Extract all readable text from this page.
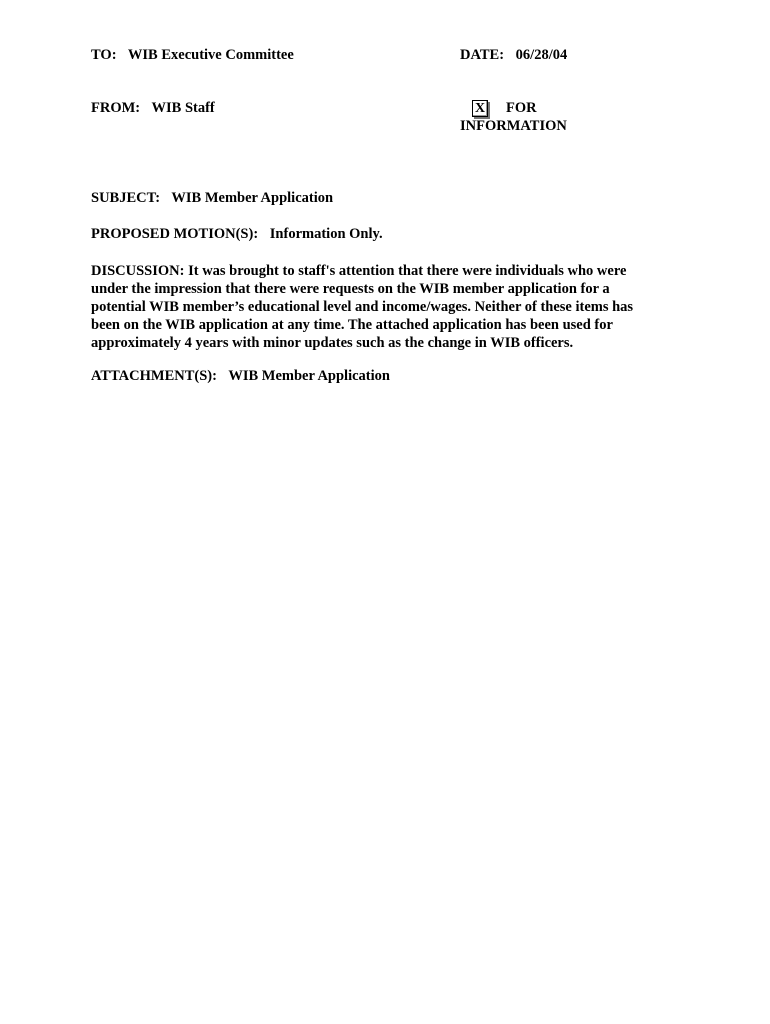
TO: WIB Executive Committee	DATE: 06/28/04
FROM: WIB Staff	X FOR
INFORMATION
SUBJECT: WIB Member Application
PROPOSED MOTION(S): Information Only.
DISCUSSION: It was brought to staff's attention that there were individuals who were
under the impression that there were requests on the WIB member application for a
potential WIB member’s educational level and income/wages. Neither of these items has
been on the WIB application at any time. The attached application has been used for
approximately 4 years with minor updates such as the change in WIB officers.
ATTACHMENT(S): WIB Member Application
